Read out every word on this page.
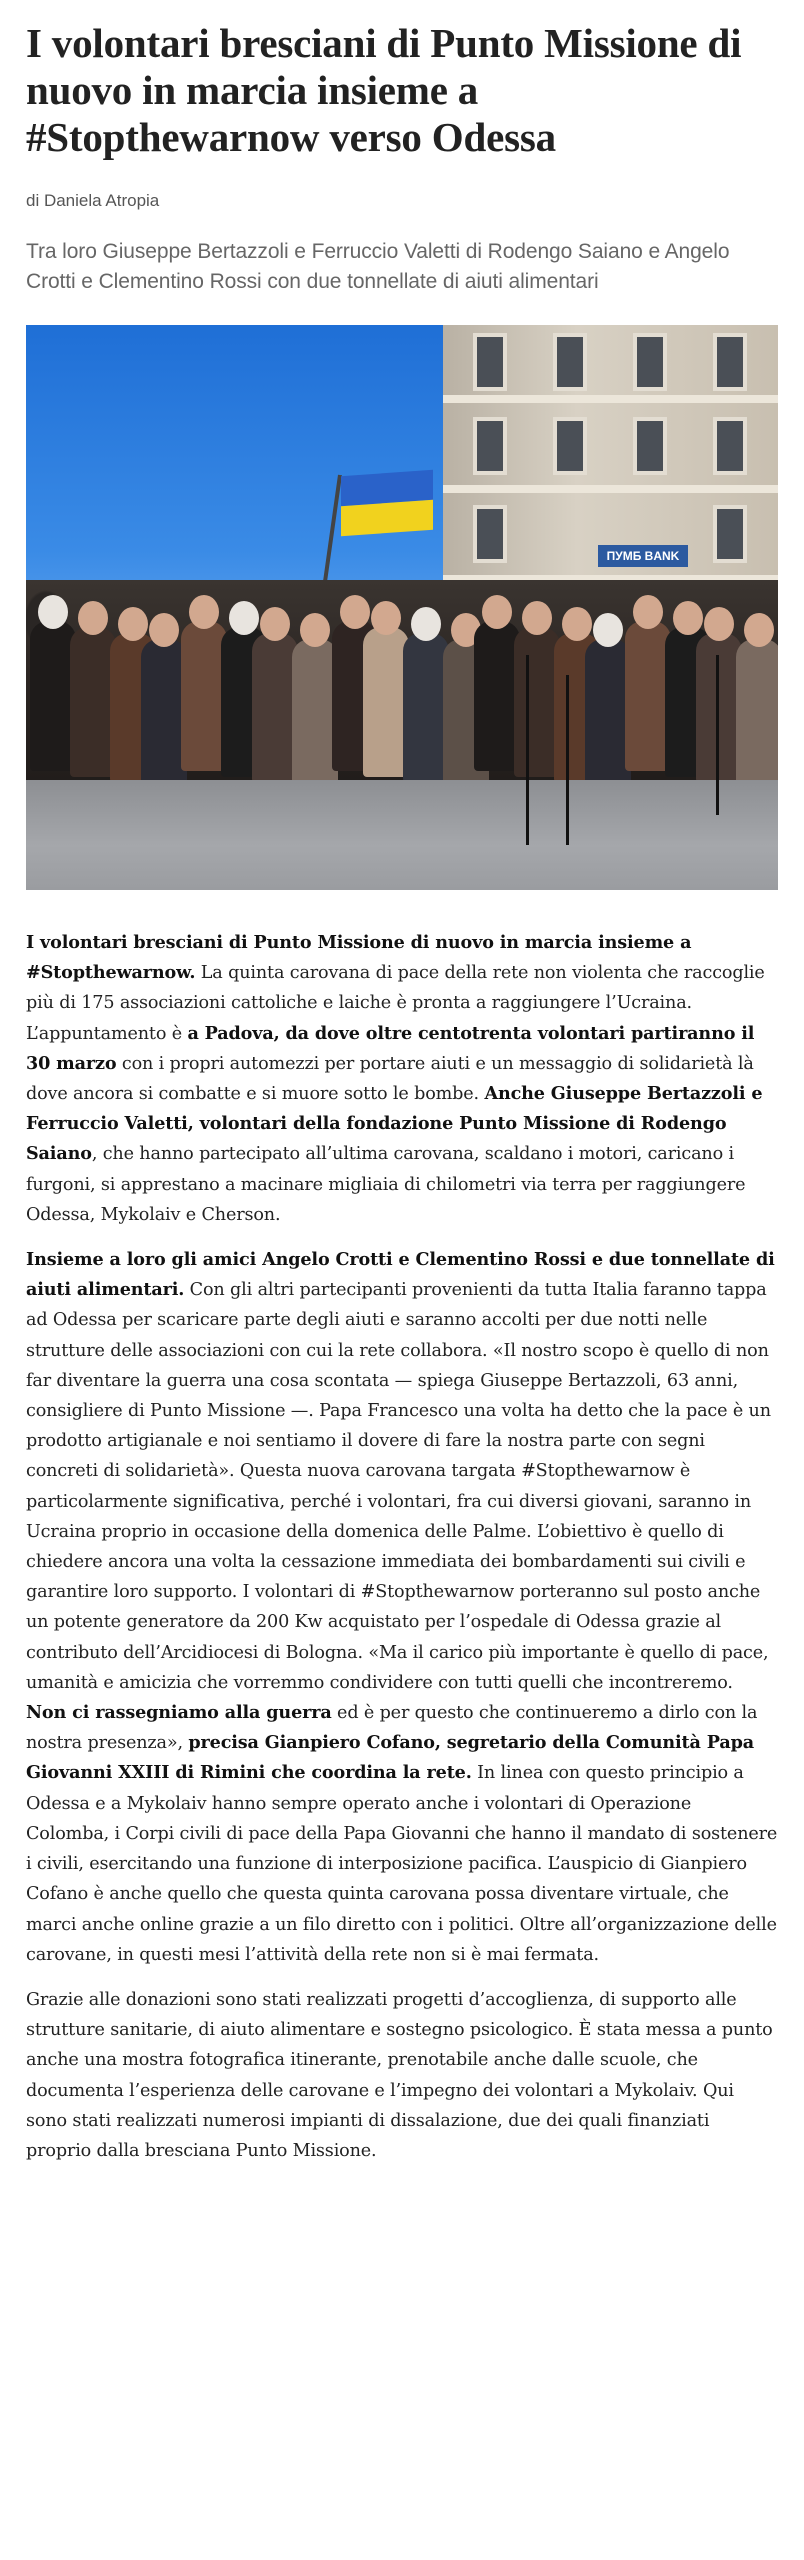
I volontari bresciani di Punto Missione di nuovo in marcia insieme a #Stopthewarnow verso Odessa
di Daniela Atropia
Tra loro Giuseppe Bertazzoli e Ferruccio Valetti di Rodengo Saiano e Angelo Crotti e Clementino Rossi con due tonnellate di aiuti alimentari
ПУМБ BANK

I volontari bresciani di Punto Missione di nuovo in marcia insieme a #Stopthewarnow. La quinta carovana di pace della rete non violenta che raccoglie più di 175 associazioni cattoliche e laiche è pronta a raggiungere l’Ucraina. L’appuntamento è a Padova, da dove oltre centotrenta volontari partiranno il 30 marzo con i propri automezzi per portare aiuti e un messaggio di solidarietà là dove ancora si combatte e si muore sotto le bombe. Anche Giuseppe Bertazzoli e Ferruccio Valetti, volontari della fondazione Punto Missione di Rodengo Saiano, che hanno partecipato all’ultima carovana, scaldano i motori, caricano i furgoni, si apprestano a macinare migliaia di chilometri via terra per raggiungere Odessa, Mykolaiv e Cherson.

Insieme a loro gli amici Angelo Crotti e Clementino Rossi e due tonnellate di aiuti alimentari. Con gli altri partecipanti provenienti da tutta Italia faranno tappa ad Odessa per scaricare parte degli aiuti e saranno accolti per due notti nelle strutture delle associazioni con cui la rete collabora. «Il nostro scopo è quello di non far diventare la guerra una cosa scontata — spiega Giuseppe Bertazzoli, 63 anni, consigliere di Punto Missione —. Papa Francesco una volta ha detto che la pace è un prodotto artigianale e noi sentiamo il dovere di fare la nostra parte con segni concreti di solidarietà». Questa nuova carovana targata #Stopthewarnow è particolarmente significativa, perché i volontari, fra cui diversi giovani, saranno in Ucraina proprio in occasione della domenica delle Palme. L’obiettivo è quello di chiedere ancora una volta la cessazione immediata dei bombardamenti sui civili e garantire loro supporto. I volontari di #Stopthewarnow porteranno sul posto anche un potente generatore da 200 Kw acquistato per l’ospedale di Odessa grazie al contributo dell’Arcidiocesi di Bologna. «Ma il carico più importante è quello di pace, umanità e amicizia che vorremmo condividere con tutti quelli che incontreremo. Non ci rassegniamo alla guerra ed è per questo che continueremo a dirlo con la nostra presenza», precisa Gianpiero Cofano, segretario della Comunità Papa Giovanni XXIII di Rimini che coordina la rete. In linea con questo principio a Odessa e a Mykolaiv hanno sempre operato anche i volontari di Operazione Colomba, i Corpi civili di pace della Papa Giovanni che hanno il mandato di sostenere i civili, esercitando una funzione di interposizione pacifica. L’auspicio di Gianpiero Cofano è anche quello che questa quinta carovana possa diventare virtuale, che marci anche online grazie a un filo diretto con i politici. Oltre all’organizzazione delle carovane, in questi mesi l’attività della rete non si è mai fermata.

Grazie alle donazioni sono stati realizzati progetti d’accoglienza, di supporto alle strutture sanitarie, di aiuto alimentare e sostegno psicologico. È stata messa a punto anche una mostra fotografica itinerante, prenotabile anche dalle scuole, che documenta l’esperienza delle carovane e l’impegno dei volontari a Mykolaiv. Qui sono stati realizzati numerosi impianti di dissalazione, due dei quali finanziati proprio dalla bresciana Punto Missione.
